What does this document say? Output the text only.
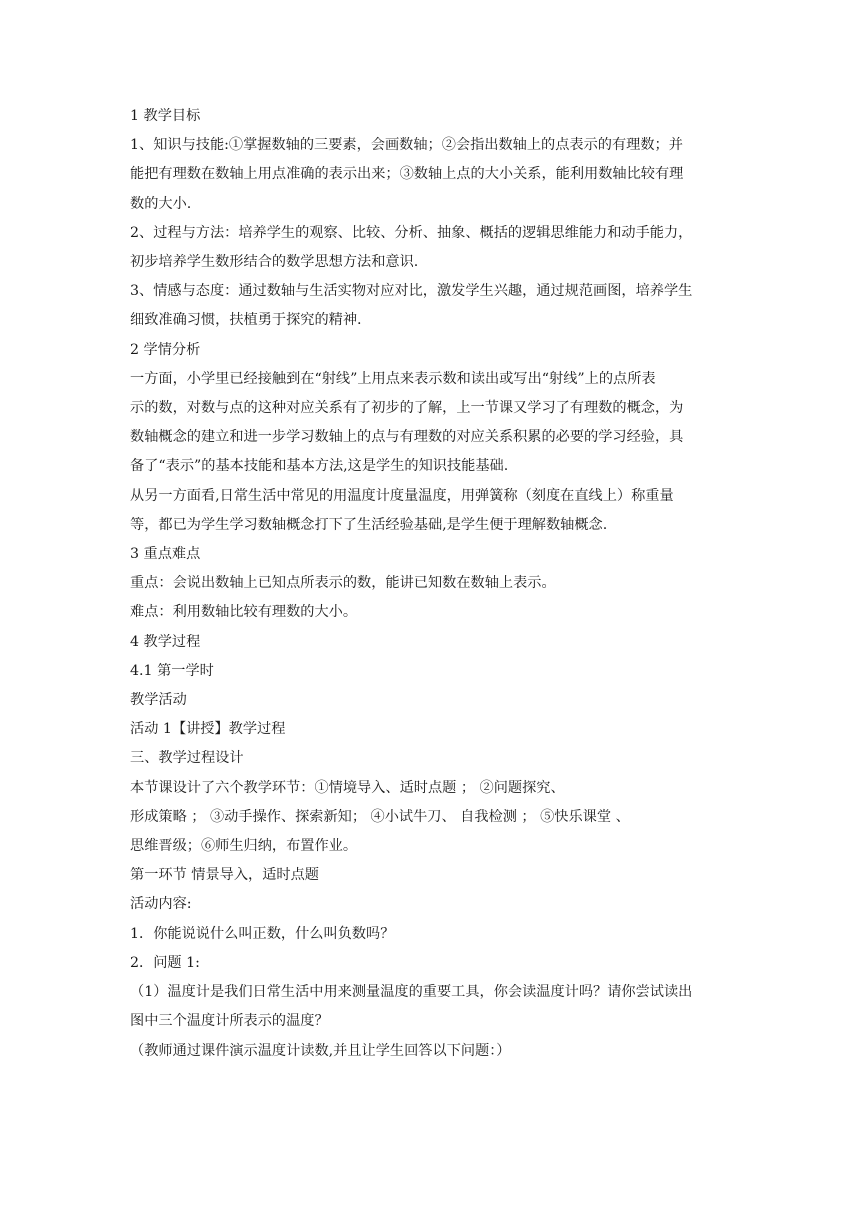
1 教学目标

1、知识与技能:①掌握数轴的三要素，会画数轴；②会指出数轴上的点表示的有理数；并

能把有理数在数轴上用点准确的表示出来；③数轴上点的大小关系，能利用数轴比较有理

数的大小.

2、过程与方法：培养学生的观察、比较、分析、抽象、概括的逻辑思维能力和动手能力，

初步培养学生数形结合的数学思想方法和意识.

3、情感与态度：通过数轴与生活实物对应对比，激发学生兴趣，通过规范画图，培养学生

细致准确习惯，扶植勇于探究的精神.

2 学情分析

一方面，小学里已经接触到在“射线”上用点来表示数和读出或写出“射线”上的点所表

示的数，对数与点的这种对应关系有了初步的了解，上一节课又学习了有理数的概念，为

数轴概念的建立和进一步学习数轴上的点与有理数的对应关系积累的必要的学习经验，具

备了“表示”的基本技能和基本方法,这是学生的知识技能基础.

从另一方面看,日常生活中常见的用温度计度量温度，用弹簧称（刻度在直线上）称重量

等，都已为学生学习数轴概念打下了生活经验基础,是学生便于理解数轴概念.

3 重点难点

重点：会说出数轴上已知点所表示的数，能讲已知数在数轴上表示。

难点：利用数轴比较有理数的大小。

4 教学过程

4.1 第一学时

教学活动

活动 1【讲授】教学过程

三、教学过程设计

本节课设计了六个教学环节：①情境导入、适时点题 ； ②问题探究、

形成策略 ； ③动手操作、探索新知； ④小试牛刀、 自我检测 ； ⑤快乐课堂 、

思维晋级；⑥师生归纳，布置作业。

第一环节 情景导入，适时点题

活动内容:

1．你能说说什么叫正数，什么叫负数吗？

2．问题 1:

（1）温度计是我们日常生活中用来测量温度的重要工具，你会读温度计吗？请你尝试读出

图中三个温度计所表示的温度？

（教师通过课件演示温度计读数,并且让学生回答以下问题：）
